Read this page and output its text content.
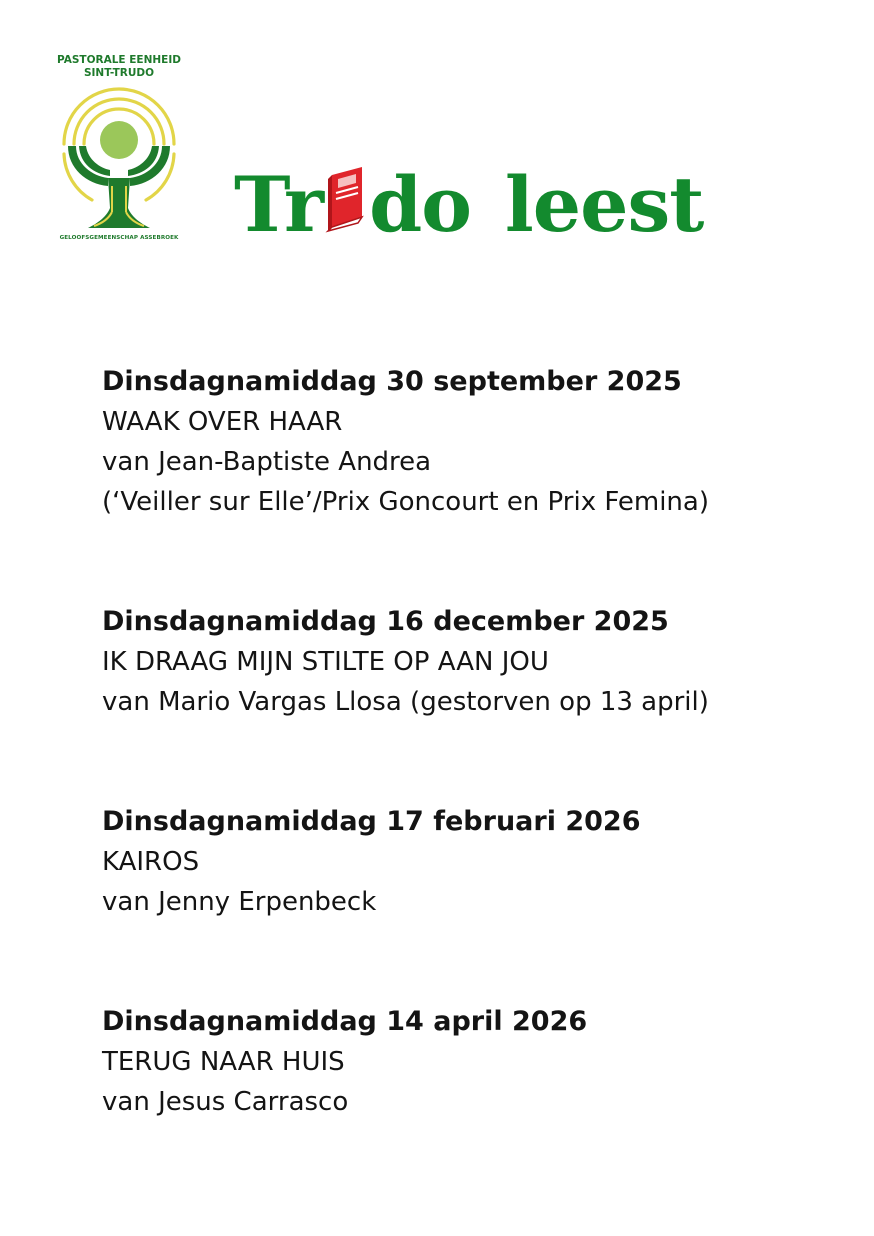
PASTORALE EENHEID
SINT-TRUDO
GELOOFSGEMEENSCHAP ASSEBROEK Tr do leest
Dinsdagnamiddag 30 september 2025
WAAK OVER HAAR
van Jean-Baptiste Andrea
(‘Veiller sur Elle’/Prix Goncourt en Prix Femina)
Dinsdagnamiddag 16 december 2025
IK DRAAG MIJN STILTE OP AAN JOU
van Mario Vargas Llosa (gestorven op 13 april)
Dinsdagnamiddag 17 februari 2026
KAIROS
van Jenny Erpenbeck
Dinsdagnamiddag 14 april 2026
TERUG NAAR HUIS
van Jesus Carrasco
